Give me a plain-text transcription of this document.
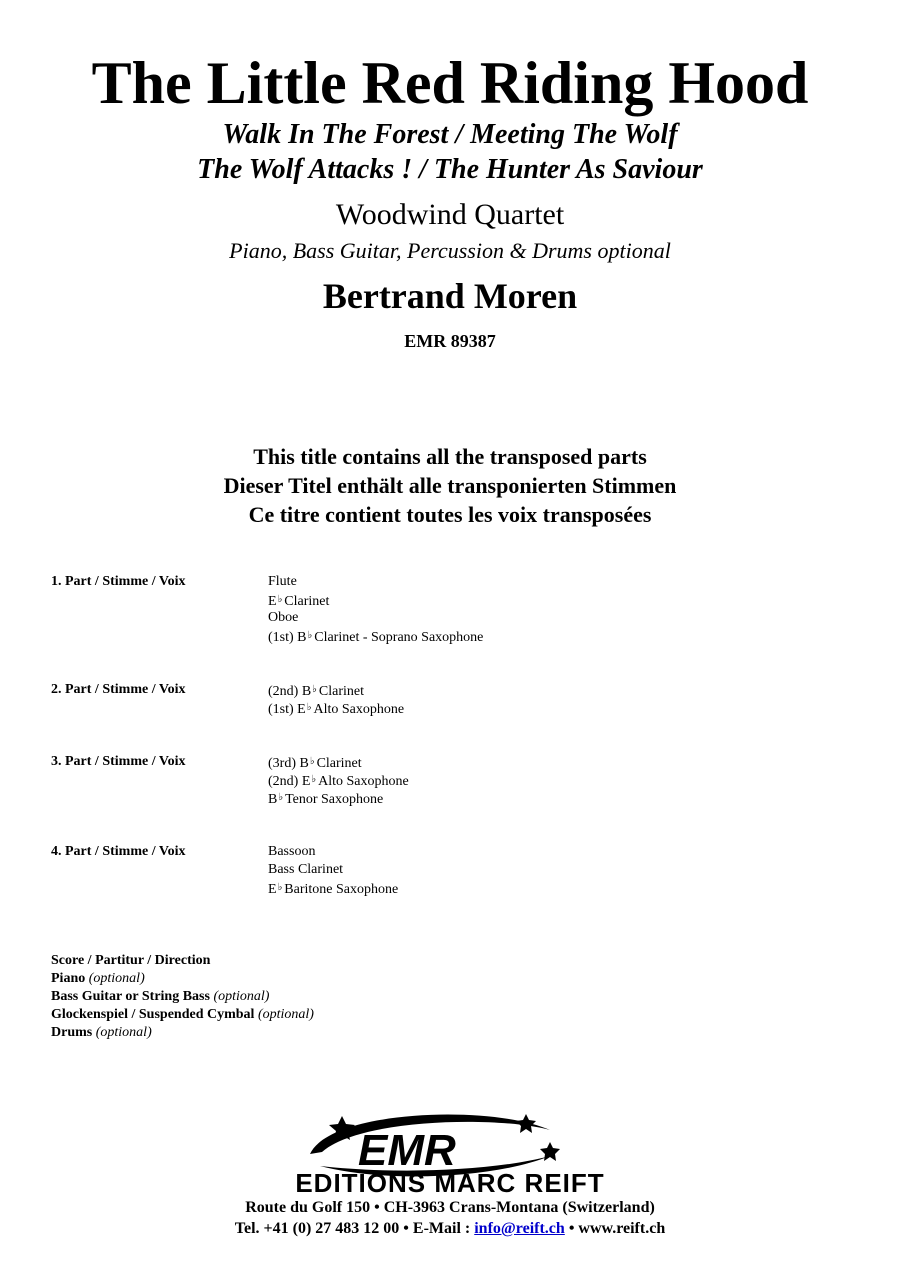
The Little Red Riding Hood
Walk In The Forest / Meeting The Wolf
The Wolf Attacks ! / The Hunter As Saviour
Woodwind Quartet
Piano, Bass Guitar, Percussion & Drums optional
Bertrand Moren
EMR 89387
This title contains all the transposed parts
Dieser Titel enthält alle transponierten Stimmen
Ce titre contient toutes les voix transposées
1. Part / Stimme / Voix	Flute
E♭ Clarinet
Oboe
(1st) B♭ Clarinet - Soprano Saxophone
2. Part / Stimme / Voix	(2nd) B♭ Clarinet
(1st) E♭ Alto Saxophone
3. Part / Stimme / Voix	(3rd) B♭ Clarinet
(2nd) E♭ Alto Saxophone
B♭ Tenor Saxophone
4. Part / Stimme / Voix	Bassoon
Bass Clarinet
E♭ Baritone Saxophone
Score / Partitur / Direction
Piano (optional)
Bass Guitar or String Bass (optional)
Glockenspiel / Suspended Cymbal (optional)
Drums (optional)
EMR
EDITIONS MARC REIFT
Route du Golf 150 • CH-3963 Crans-Montana (Switzerland)
Tel. +41 (0) 27 483 12 00 • E-Mail : info@reift.ch • www.reift.ch
